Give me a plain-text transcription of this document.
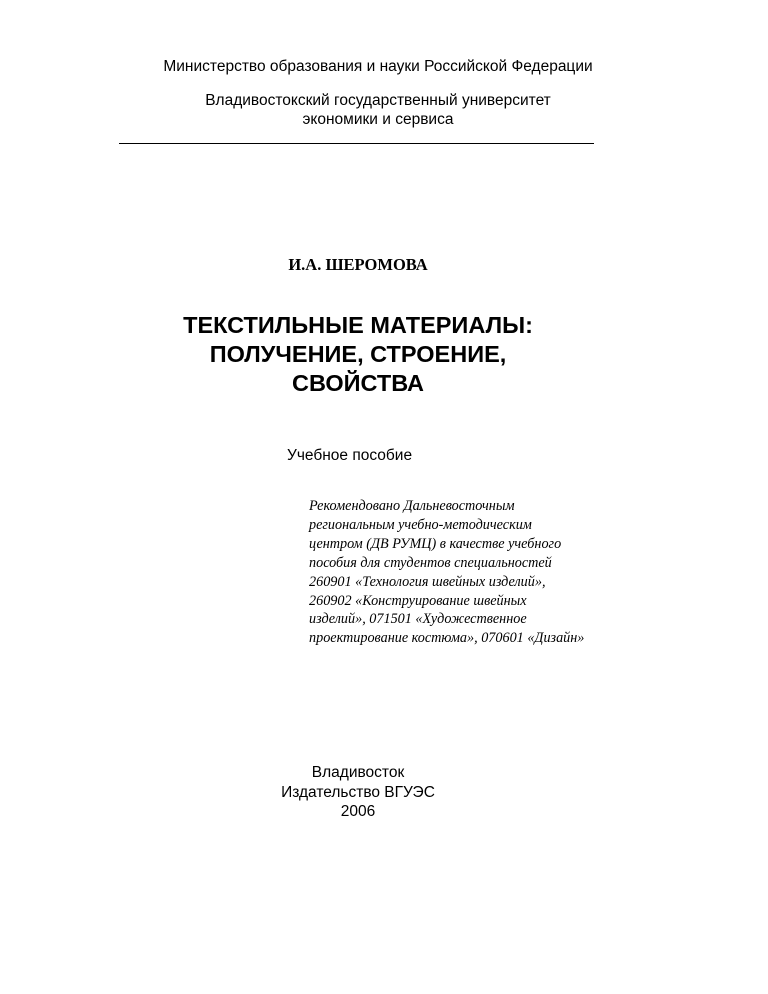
Министерство образования и науки Российской Федерации
Владивостокский государственный университет
экономики и сервиса
И.А. ШЕРОМОВА
ТЕКСТИЛЬНЫЕ МАТЕРИАЛЫ:
ПОЛУЧЕНИЕ, СТРОЕНИЕ,
СВОЙСТВА
Учебное пособие
Рекомендовано Дальневосточным
региональным учебно-методическим
центром (ДВ РУМЦ) в качестве учебного
пособия для студентов специальностей
260901 «Технология швейных изделий»,
260902 «Конструирование швейных
изделий», 071501 «Художественное
проектирование костюма», 070601 «Дизайн»
Владивосток
Издательство ВГУЭС
2006
